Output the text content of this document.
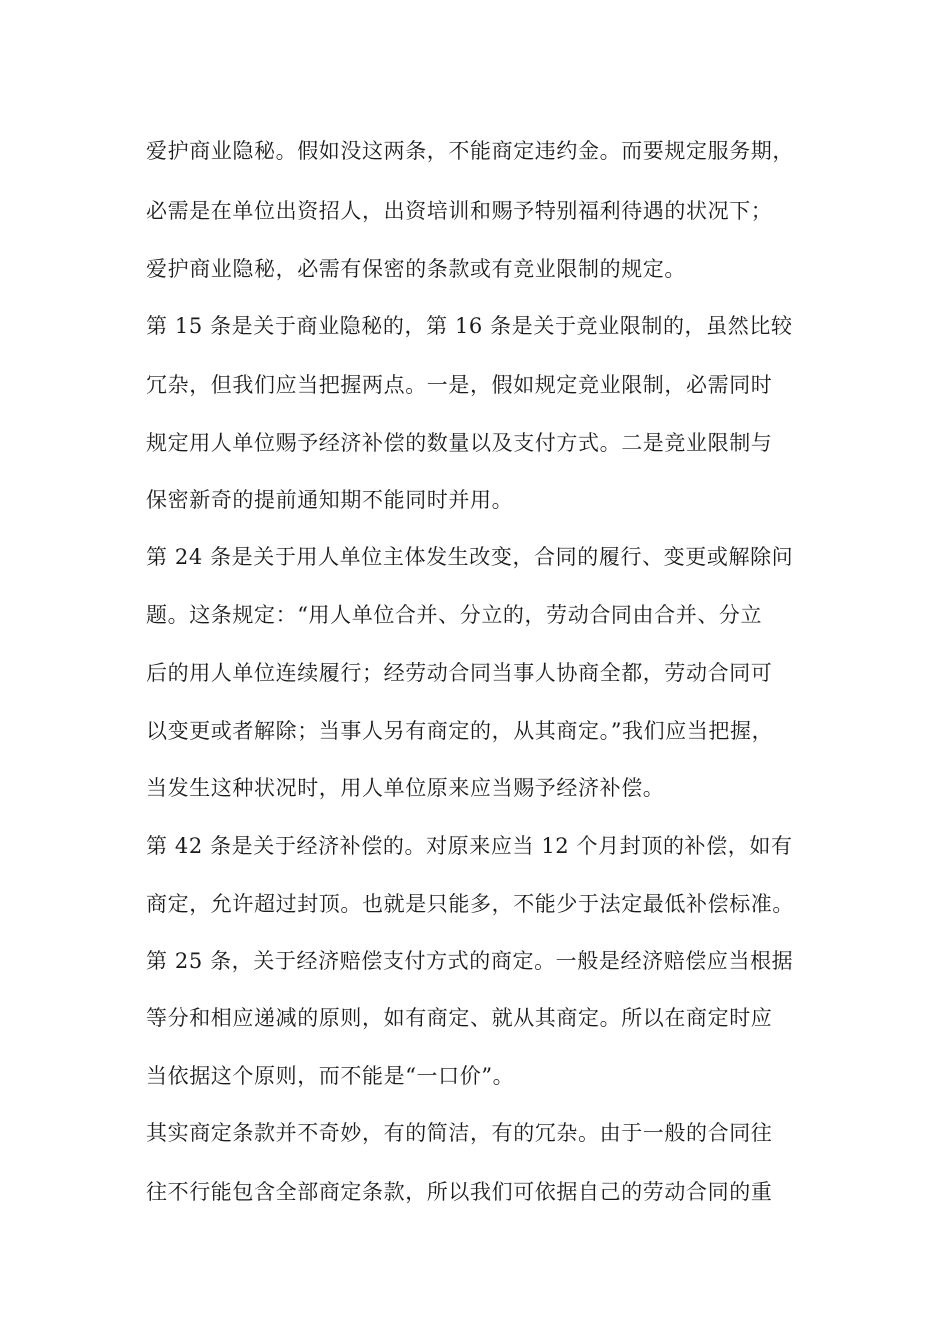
爱护商业隐秘。假如没这两条，不能商定违约金。而要规定服务期，

必需是在单位出资招人，出资培训和赐予特别福利待遇的状况下；

爱护商业隐秘，必需有保密的条款或有竞业限制的规定。

第 15 条是关于商业隐秘的，第 16 条是关于竞业限制的，虽然比较

冗杂，但我们应当把握两点。一是，假如规定竞业限制，必需同时

规定用人单位赐予经济补偿的数量以及支付方式。二是竞业限制与

保密新奇的提前通知期不能同时并用。

第 24 条是关于用人单位主体发生改变，合同的履行、变更或解除问

题。这条规定：“用人单位合并、分立的，劳动合同由合并、分立

后的用人单位连续履行；经劳动合同当事人协商全都，劳动合同可

以变更或者解除；当事人另有商定的，从其商定。”我们应当把握，

当发生这种状况时，用人单位原来应当赐予经济补偿。

第 42 条是关于经济补偿的。对原来应当 12 个月封顶的补偿，如有

商定，允许超过封顶。也就是只能多，不能少于法定最低补偿标准。

第 25 条，关于经济赔偿支付方式的商定。一般是经济赔偿应当根据

等分和相应递减的原则，如有商定、就从其商定。所以在商定时应

当依据这个原则，而不能是“一口价”。

其实商定条款并不奇妙，有的简洁，有的冗杂。由于一般的合同往

往不行能包含全部商定条款，所以我们可依据自己的劳动合同的重
